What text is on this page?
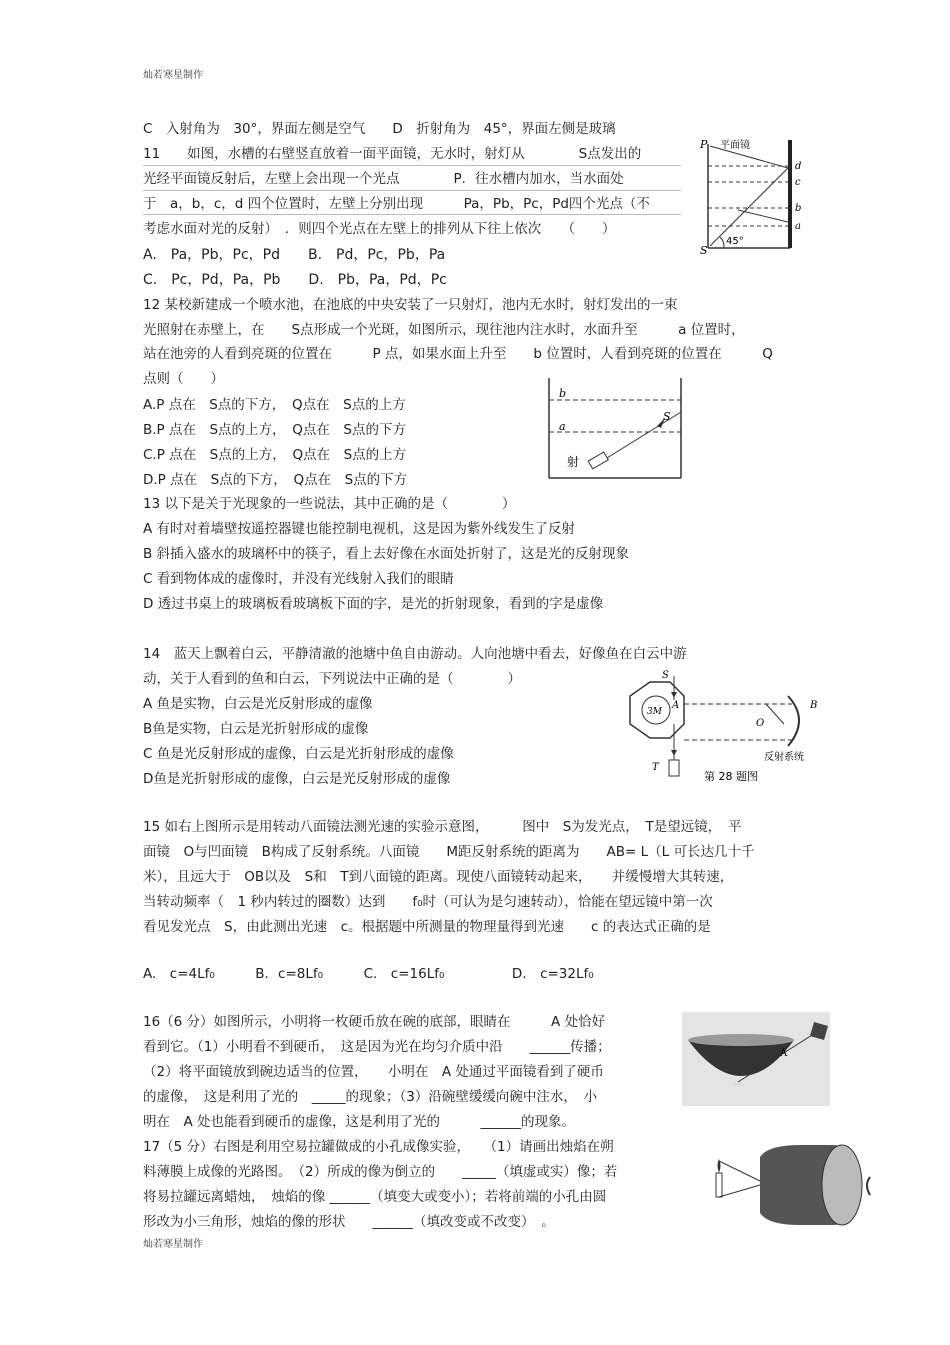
灿若寒星制作
C　入射角为　30°，界面左侧是空气　　D　折射角为　45°，界面左侧是玻璃
11　　如图，水槽的右壁竖直放着一面平面镜，无水时，射灯从　　　　S点发出的
光经平面镜反射后，左壁上会出现一个光点　　　　P．往水槽内加水，当水面处
于　a，b，c，d 四个位置时，左壁上分别出现　　　Pa，Pb，Pc，Pd四个光点（不
考虑水面对光的反射）　．则四个光点在左壁上的排列从下往上依次　　（　　）
A.　Pa，Pb，Pc，Pd　　B.　Pd，Pc，Pb，Pa
C.　Pc，Pd，Pa，Pb　　D.　Pb，Pa，Pd，Pc
12 某校新建成一个喷水池，在池底的中央安装了一只射灯，池内无水时，射灯发出的一束
光照射在赤壁上，在　　S点形成一个光斑，如图所示，现往池内注水时，水面升至　　　a 位置时，
站在池旁的人看到亮斑的位置在　　　P 点，如果水面上升至　　b 位置时，人看到亮斑的位置在　　　Q
点则（　　）
A.P 点在　S点的下方，　Q点在　S点的上方
B.P 点在　S点的上方，　Q点在　S点的下方
C.P 点在　S点的上方，　Q点在　S点的上方
D.P 点在　S点的下方，　Q点在　S点的下方
13 以下是关于光现象的一些说法，其中正确的是（　　　　）
A 有时对着墙壁按遥控器键也能控制电视机，这是因为紫外线发生了反射
B 斜插入盛水的玻璃杯中的筷子，看上去好像在水面处折射了，这是光的反射现象
C 看到物体成的虚像时，并没有光线射入我们的眼睛
D 透过书桌上的玻璃板看玻璃板下面的字，是光的折射现象，看到的字是虚像
14　蓝天上飘着白云，平静清澈的池塘中鱼自由游动。人向池塘中看去，好像鱼在白云中游
动，关于人看到的鱼和白云，下列说法中正确的是（　　　　）
A 鱼是实物，白云是光反射形成的虚像
B鱼是实物，白云是光折射形成的虚像
C 鱼是光反射形成的虚像，白云是光折射形成的虚像
D鱼是光折射形成的虚像，白云是光反射形成的虚像
15 如右上图所示是用转动八面镜法测光速的实验示意图，　　　图中　S为发光点，　T是望远镜，　平
面镜　O与凹面镜　B构成了反射系统。八面镜　　M距反射系统的距离为　　AB= L（L 可长达几十千
米），且远大于　OB以及　S和　T到八面镜的距离。现使八面镜转动起来，　　并缓慢增大其转速，
当转动频率（　1 秒内转过的圈数）达到　　f₀时（可认为是匀速转动），恰能在望远镜中第一次
看见发光点　S，由此测出光速　c。根据题中所测量的物理量得到光速　　c 的表达式正确的是
A.　c=4Lf₀　　　B．c=8Lf₀　　　C.　c=16Lf₀　　　　　D.　c=32Lf₀
16（6 分）如图所示，小明将一枚硬币放在碗的底部，眼睛在　　　A 处恰好
看到它。（1）小明看不到硬币，　这是因为光在均匀介质中沿　　______传播；
（2）将平面镜放到碗边适当的位置，　　小明在　A 处通过平面镜看到了硬币
的虚像，　这是利用了光的　_____的现象；（3）沿碗壁缓缓向碗中注水，　小
明在　A 处也能看到硬币的虚像，这是利用了光的　　　______的现象。
17（5 分）右图是利用空易拉罐做成的小孔成像实验，　　（1）请画出烛焰在朔
料薄膜上成像的光路图。　（2）所成的像为倒立的　　_____（填虚或实）像；若
将易拉罐远离蜡烛，　烛焰的像 ______（填变大或变小）；若将前端的小孔由圆
形改为小三角形，烛焰的像的形状　　______（填改变或不改变）　。
灿若寒星制作
P 平面镜
d
c
b
a
S
45°
b
a
S
射
3M
S
T
A	B
O
反射系统
第 28 题图
A
